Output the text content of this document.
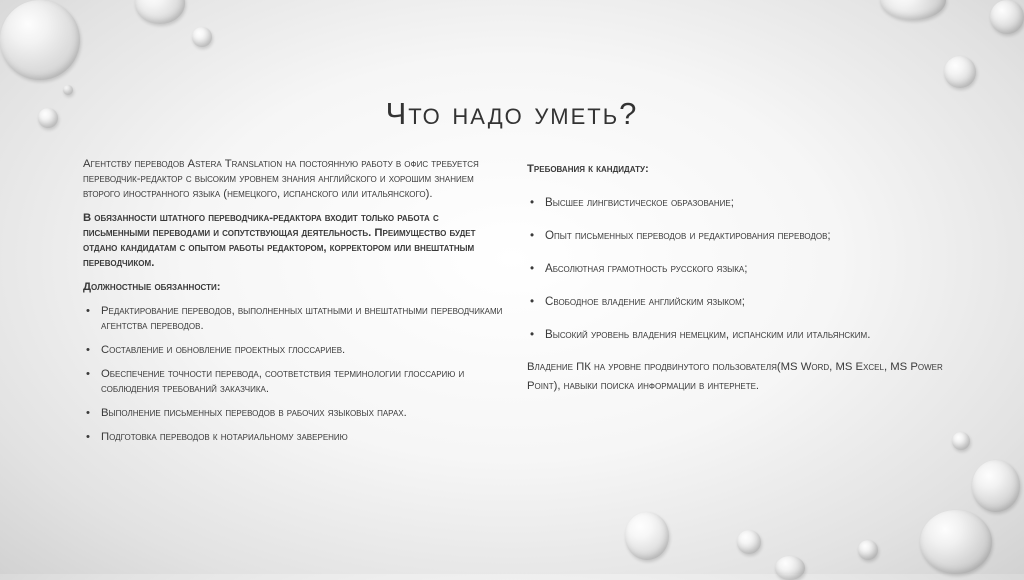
Что надо уметь?

Агентству переводов Astera Translation на постоянную работу в офис требуется переводчик-редактор с высоким уровнем знания английского и хорошим знанием второго иностранного языка (немецкого, испанского или итальянского).

В обязанности штатного переводчика-редактора входит только работа с письменными переводами и сопутствующая деятельность. Преимущество будет отдано кандидатам с опытом работы редактором, корректором или внештатным переводчиком.

Должностные обязанности:

• Редактирование переводов, выполненных штатными и внештатными переводчиками агентства переводов.
• Составление и обновление проектных глоссариев.
• Обеспечение точности перевода, соответствия терминологии глоссарию и соблюдения требований заказчика.
• Выполнение письменных переводов в рабочих языковых парах.
• Подготовка переводов к нотариальному заверению

Требования к кандидату:

• Высшее лингвистическое образование;
• Опыт письменных переводов и редактирования переводов;
• Абсолютная грамотность русского языка;
• Свободное владение английским языком;
• Высокий уровень владения немецким, испанским или итальянским.

Владение ПК на уровне продвинутого пользователя(MS Word, MS Excel, MS Power Point), навыки поиска информации в интернете.
